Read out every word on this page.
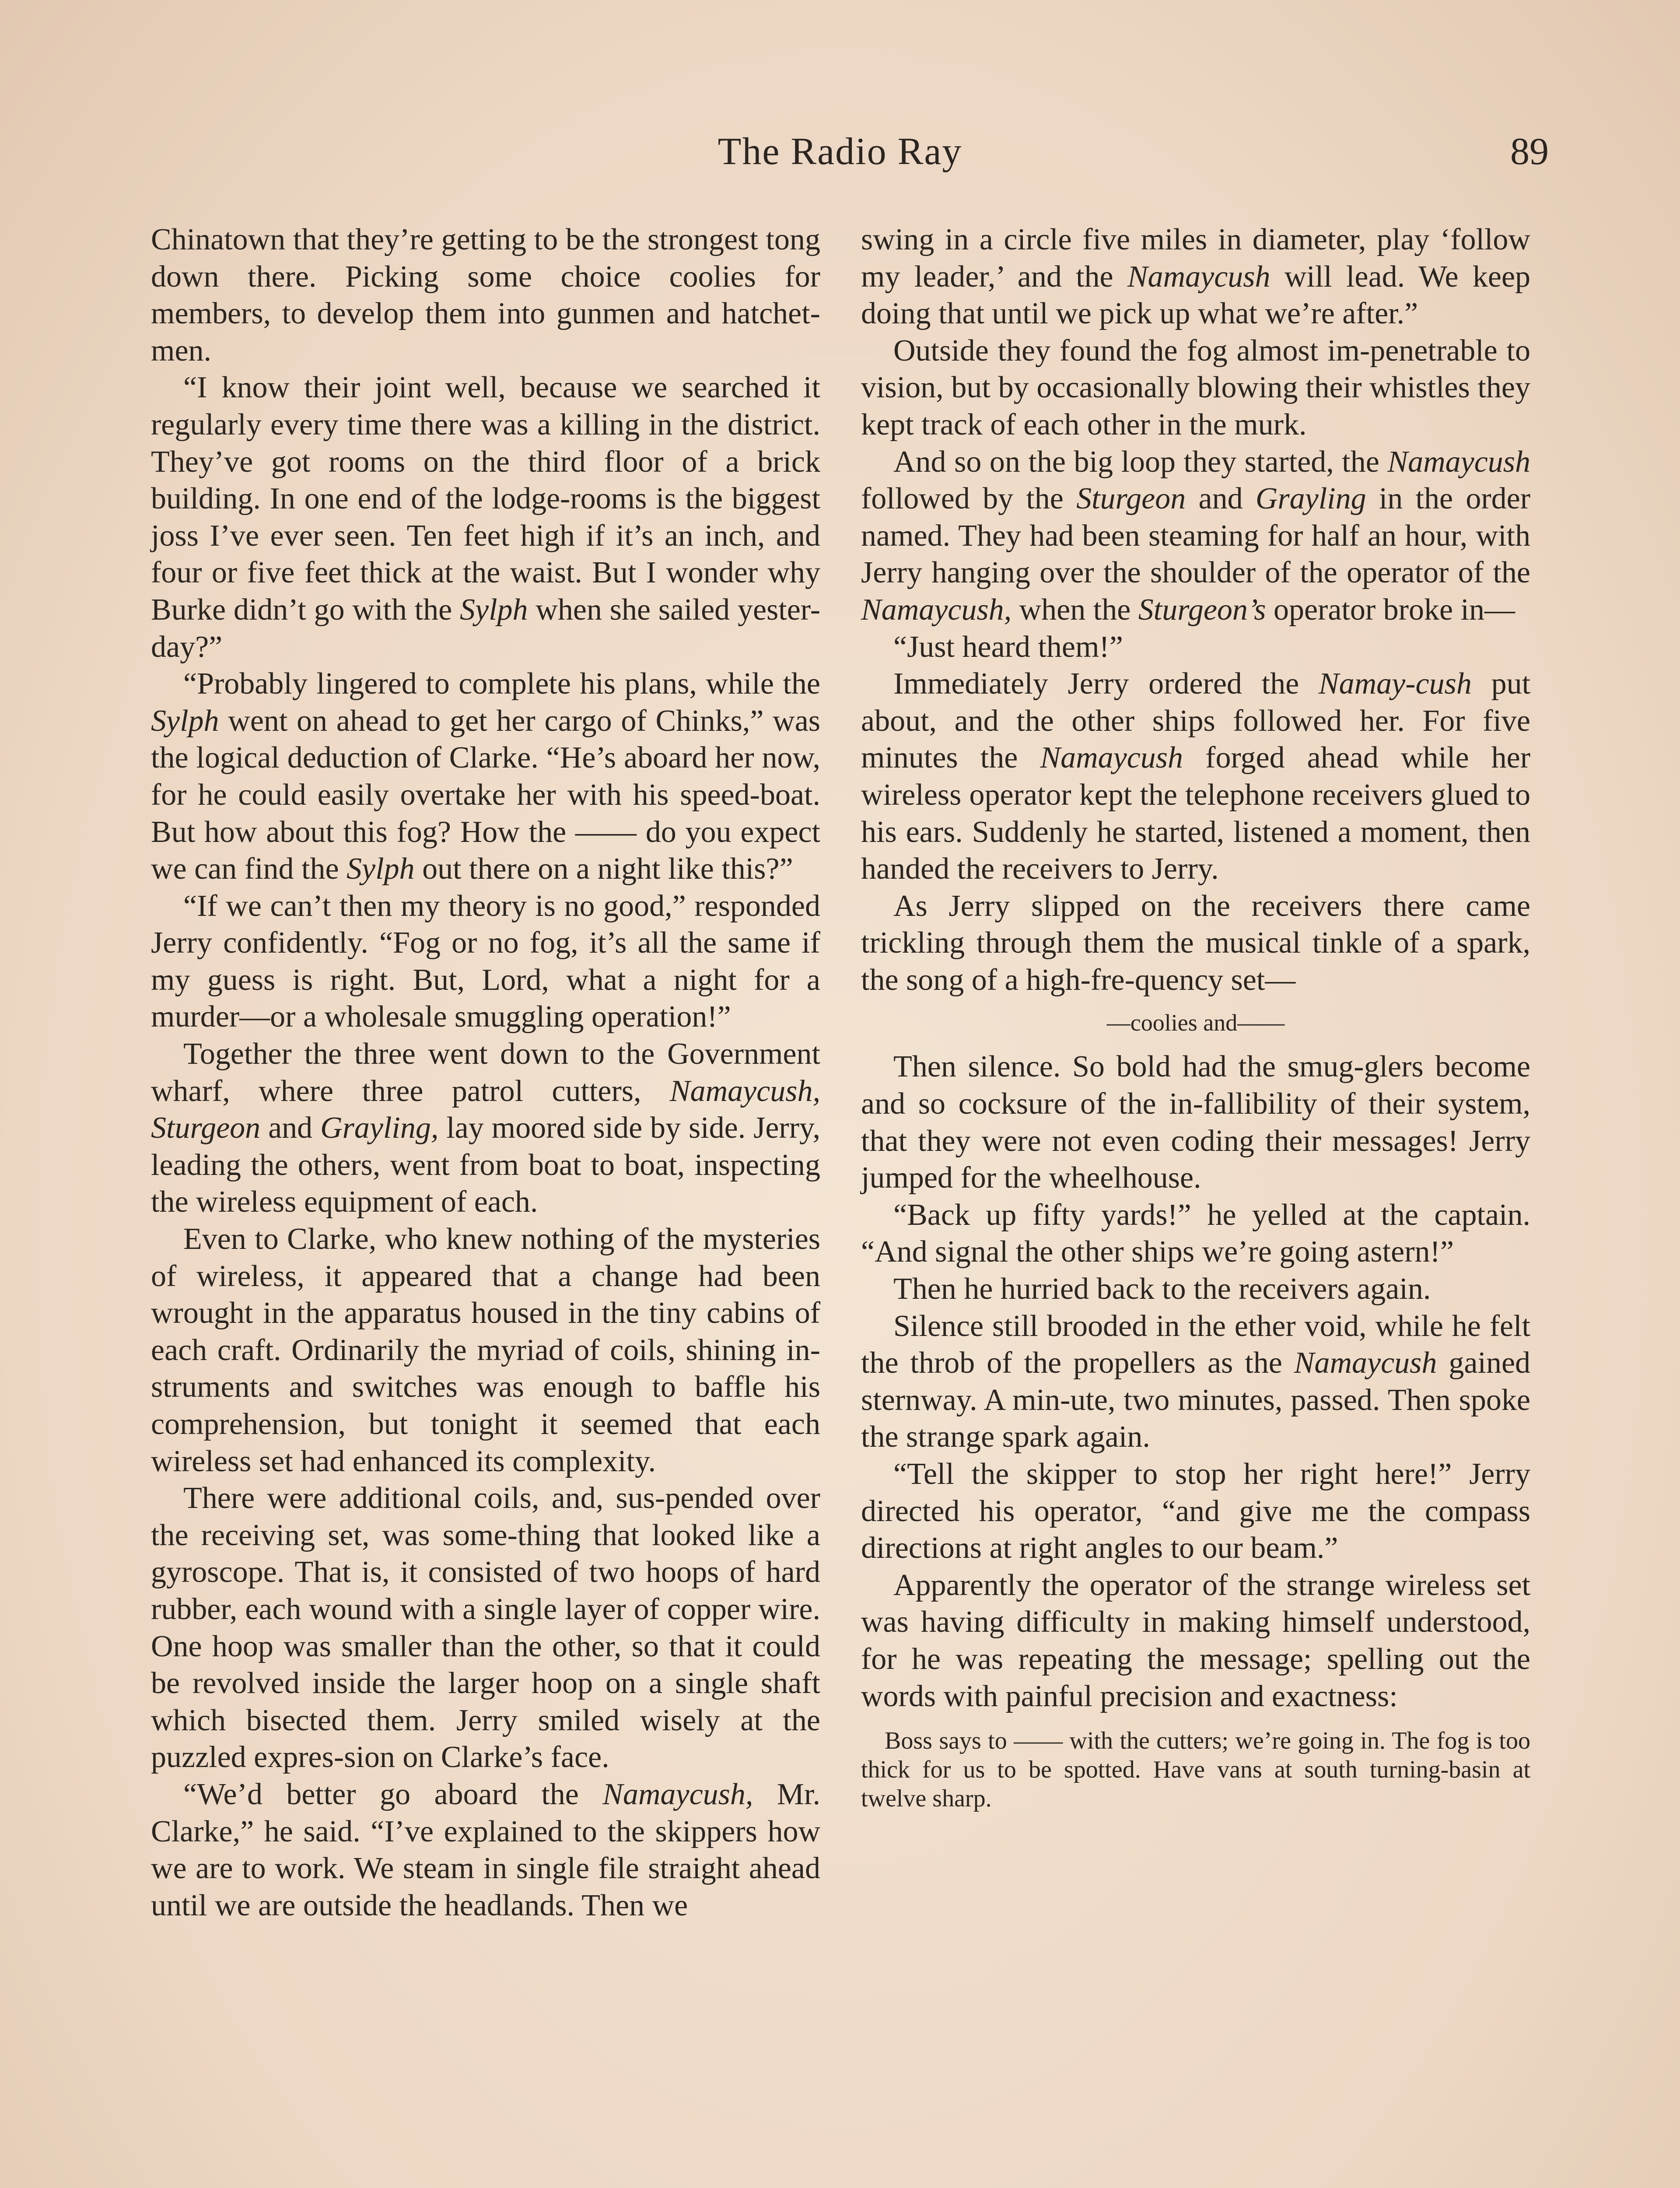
The Radio Ray	89

Chinatown that they’re getting to be the strongest tong down there. Picking some choice coolies for members, to develop them into gunmen and hatchet-men.

“I know their joint well, because we searched it regularly every time there was a killing in the district. They’ve got rooms on the third floor of a brick building. In one end of the lodge-rooms is the biggest joss I’ve ever seen. Ten feet high if it’s an inch, and four or five feet thick at the waist. But I wonder why Burke didn’t go with the Sylph when she sailed yester-day?”

“Probably lingered to complete his plans, while the Sylph went on ahead to get her cargo of Chinks,” was the logical deduction of Clarke. “He’s aboard her now, for he could easily overtake her with his speed-boat. But how about this fog? How the —— do you expect we can find the Sylph out there on a night like this?”

“If we can’t then my theory is no good,” responded Jerry confidently. “Fog or no fog, it’s all the same if my guess is right. But, Lord, what a night for a murder—or a wholesale smuggling operation!”

Together the three went down to the Government wharf, where three patrol cutters, Namaycush, Sturgeon and Grayling, lay moored side by side. Jerry, leading the others, went from boat to boat, inspecting the wireless equipment of each.

Even to Clarke, who knew nothing of the mysteries of wireless, it appeared that a change had been wrought in the apparatus housed in the tiny cabins of each craft. Ordinarily the myriad of coils, shining in-struments and switches was enough to baffle his comprehension, but tonight it seemed that each wireless set had enhanced its complexity.

There were additional coils, and, sus-pended over the receiving set, was some-thing that looked like a gyroscope. That is, it consisted of two hoops of hard rubber, each wound with a single layer of copper wire. One hoop was smaller than the other, so that it could be revolved inside the larger hoop on a single shaft which bisected them. Jerry smiled wisely at the puzzled expres-sion on Clarke’s face.

“We’d better go aboard the Namaycush, Mr. Clarke,” he said. “I’ve explained to the skippers how we are to work. We steam in single file straight ahead until we are outside the headlands. Then we

swing in a circle five miles in diameter, play ‘follow my leader,’ and the Namaycush will lead. We keep doing that until we pick up what we’re after.”

Outside they found the fog almost im-penetrable to vision, but by occasionally blowing their whistles they kept track of each other in the murk.

And so on the big loop they started, the Namaycush followed by the Sturgeon and Grayling in the order named. They had been steaming for half an hour, with Jerry hanging over the shoulder of the operator of the Namaycush, when the Sturgeon’s operator broke in—

“Just heard them!”

Immediately Jerry ordered the Namay-cush put about, and the other ships followed her. For five minutes the Namaycush forged ahead while her wireless operator kept the telephone receivers glued to his ears. Suddenly he started, listened a moment, then handed the receivers to Jerry.

As Jerry slipped on the receivers there came trickling through them the musical tinkle of a spark, the song of a high-fre-quency set—

—coolies and——

Then silence. So bold had the smug-glers become and so cocksure of the in-fallibility of their system, that they were not even coding their messages! Jerry jumped for the wheelhouse.

“Back up fifty yards!” he yelled at the captain. “And signal the other ships we’re going astern!”

Then he hurried back to the receivers again.

Silence still brooded in the ether void, while he felt the throb of the propellers as the Namaycush gained sternway. A min-ute, two minutes, passed. Then spoke the strange spark again.

“Tell the skipper to stop her right here!” Jerry directed his operator, “and give me the compass directions at right angles to our beam.”

Apparently the operator of the strange wireless set was having difficulty in making himself understood, for he was repeating the message; spelling out the words with painful precision and exactness:

Boss says to —— with the cutters; we’re going in. The fog is too thick for us to be spotted. Have vans at south turning-basin at twelve sharp.
